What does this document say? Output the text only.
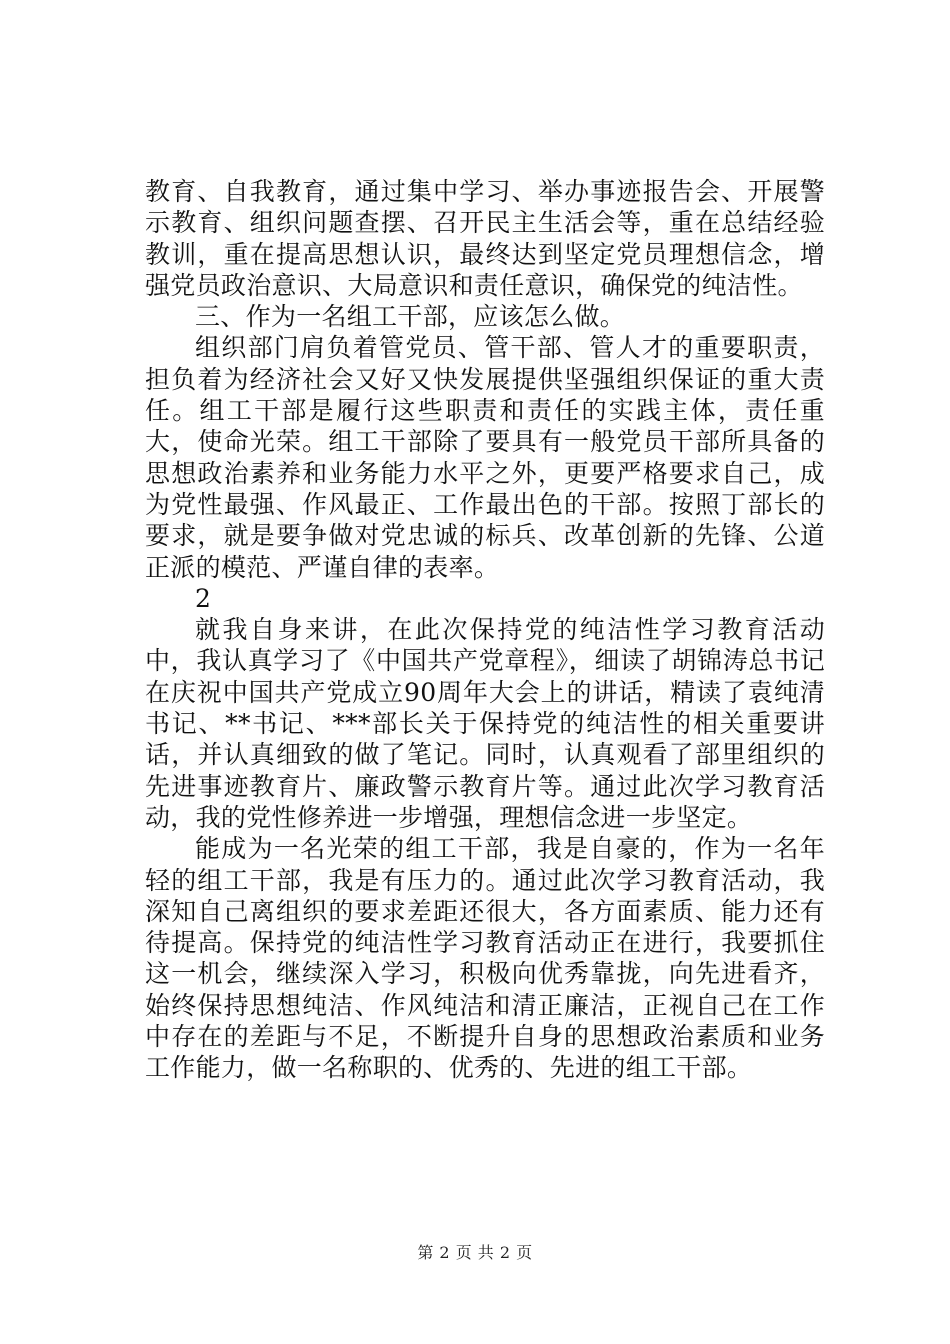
教育、自我教育，通过集中学习、举办事迹报告会、开展警示教育、组织问题查摆、召开民主生活会等，重在总结经验教训，重在提高思想认识，最终达到坚定党员理想信念，增强党员政治意识、大局意识和责任意识，确保党的纯洁性。

三、作为一名组工干部，应该怎么做。

组织部门肩负着管党员、管干部、管人才的重要职责，担负着为经济社会又好又快发展提供坚强组织保证的重大责任。组工干部是履行这些职责和责任的实践主体，责任重大，使命光荣。组工干部除了要具有一般党员干部所具备的思想政治素养和业务能力水平之外，更要严格要求自己，成为党性最强、作风最正、工作最出色的干部。按照丁部长的要求，就是要争做对党忠诚的标兵、改革创新的先锋、公道正派的模范、严谨自律的表率。

2

就我自身来讲，在此次保持党的纯洁性学习教育活动中，我认真学习了《中国共产党章程》，细读了胡锦涛总书记在庆祝中国共产党成立90周年大会上的讲话，精读了袁纯清书记、**书记、***部长关于保持党的纯洁性的相关重要讲话，并认真细致的做了笔记。同时，认真观看了部里组织的先进事迹教育片、廉政警示教育片等。通过此次学习教育活动，我的党性修养进一步增强，理想信念进一步坚定。

能成为一名光荣的组工干部，我是自豪的，作为一名年轻的组工干部，我是有压力的。通过此次学习教育活动，我深知自己离组织的要求差距还很大，各方面素质、能力还有待提高。保持党的纯洁性学习教育活动正在进行，我要抓住这一机会，继续深入学习，积极向优秀靠拢，向先进看齐，始终保持思想纯洁、作风纯洁和清正廉洁，正视自己在工作中存在的差距与不足，不断提升自身的思想政治素质和业务工作能力，做一名称职的、优秀的、先进的组工干部。

第 2 页 共 2 页
